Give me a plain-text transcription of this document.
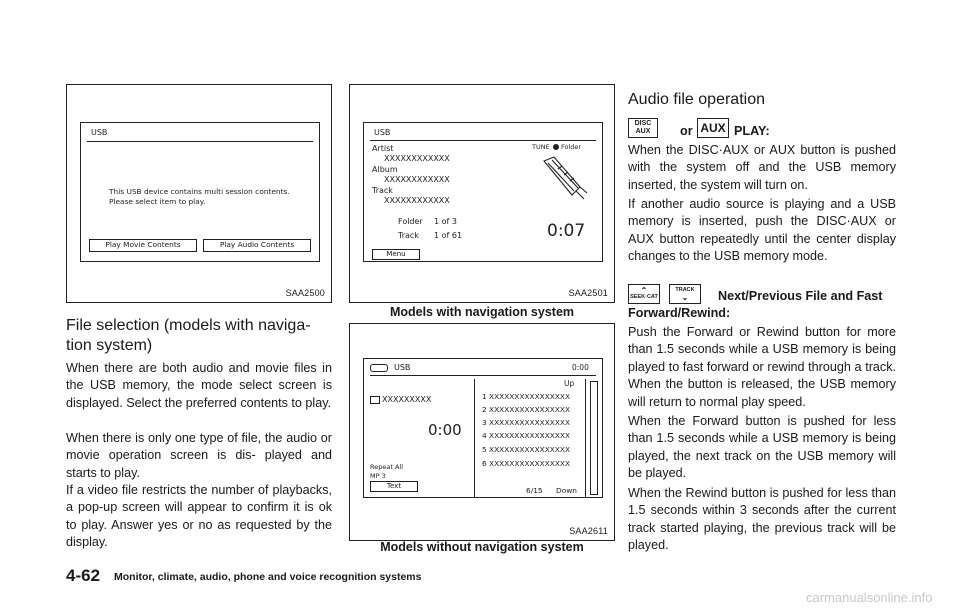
USB
This USB device contains multi session contents.
Please select item to play.
Play Movie Contents	Play Audio Contents
SAA2500
File selection (models with naviga-
tion system)
When there are both audio and movie files in the USB memory, the mode select screen is displayed. Select the preferred contents to play.
When there is only one type of file, the audio or movie operation screen is dis- played and starts to play.
If a video file restricts the number of playbacks, a pop-up screen will appear to confirm it is ok to play. Answer yes or no as requested by the display.
USB
Artist
XXXXXXXXXXXX
Album
XXXXXXXXXXXX
Track
XXXXXXXXXXXX
TUNE Folder
Folder 1 of 3
Track 1 of 61	0:07
Menu
SAA2501
Models with navigation system
USB	0:00
XXXXXXXXX
0:00
Repeat All
MP 3
Text
Up
1 XXXXXXXXXXXXXXXX
2 XXXXXXXXXXXXXXXX
3 XXXXXXXXXXXXXXXX
4 XXXXXXXXXXXXXXXX
5 XXXXXXXXXXXXXXXX
6 XXXXXXXXXXXXXXXX
6/15 Down
SAA2611
Models without navigation system
Audio file operation
DISC
AUX	or AUX PLAY:
When the DISC·AUX or AUX button is pushed with the system off and the USB memory inserted, the system will turn on.
If another audio source is playing and a USB memory is inserted, push the DISC·AUX or AUX button repeatedly until the center display changes to the USB memory mode.
⌃
SEEK·CAT
TRACK
⌄	Next/Previous File and Fast
Forward/Rewind:
Push the Forward or Rewind button for more than 1.5 seconds while a USB memory is being played to fast forward or rewind through a track. When the button is released, the USB memory will return to normal play speed.
When the Forward button is pushed for less than 1.5 seconds while a USB memory is being played, the next track on the USB memory will be played.
When the Rewind button is pushed for less than 1.5 seconds within 3 seconds after the current track started playing, the previous track will be played.
4-62 Monitor, climate, audio, phone and voice recognition systems
carmanualsonline.info
